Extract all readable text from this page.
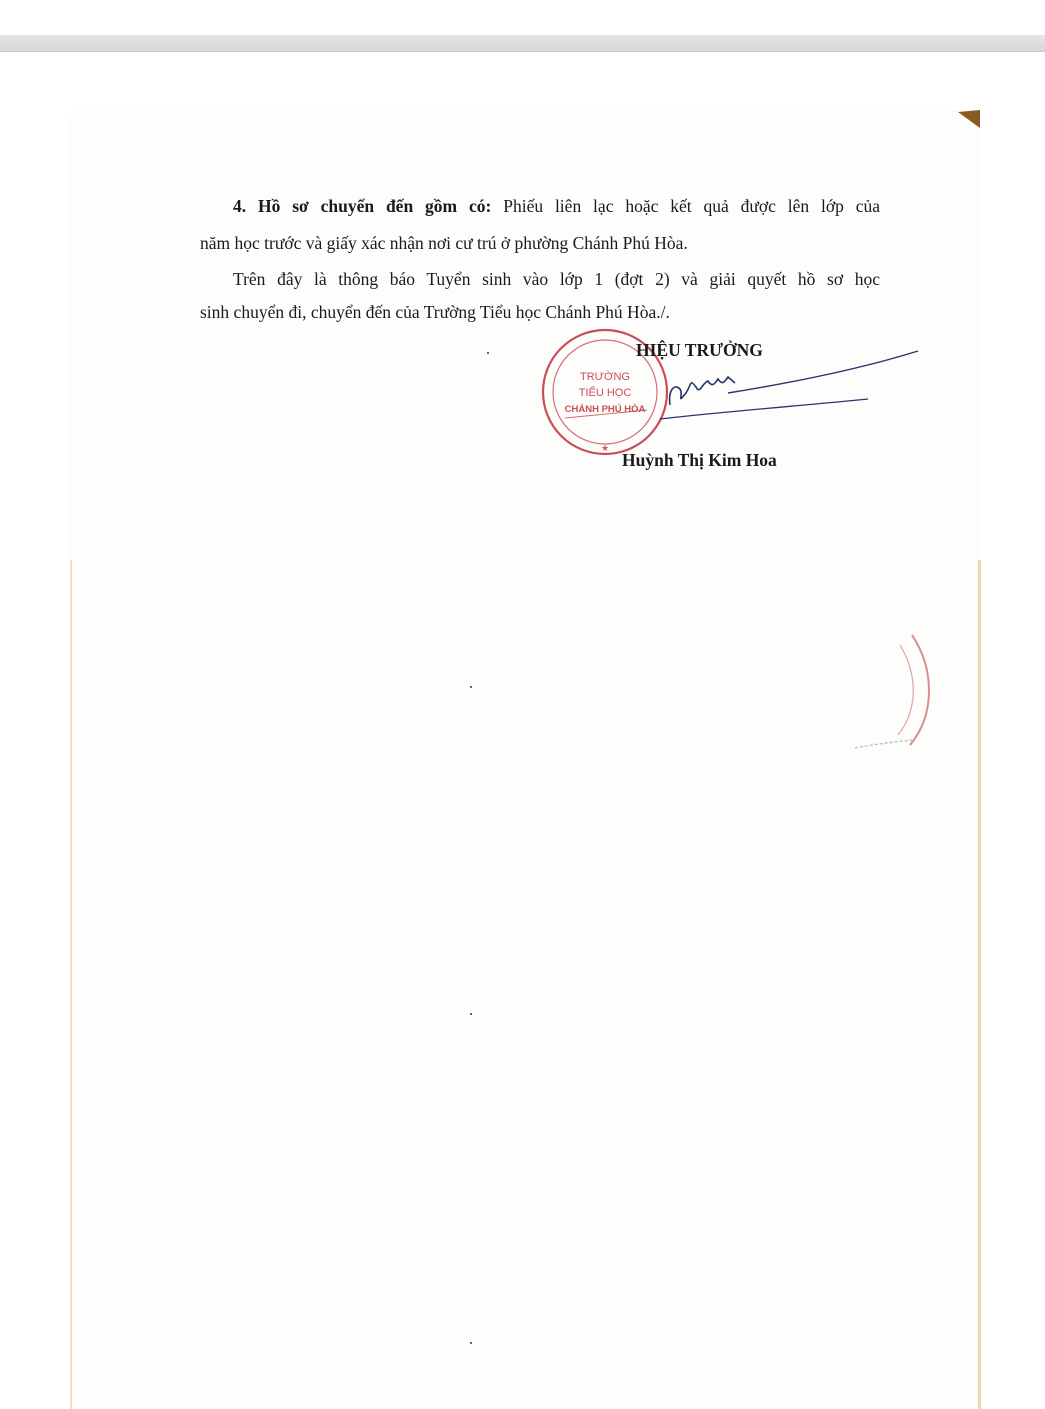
4. Hồ sơ chuyển đến gồm có: Phiếu liên lạc hoặc kết quả được lên lớp của
năm học trước và giấy xác nhận nơi cư trú ở phường Chánh Phú Hòa.
Trên đây là thông báo Tuyển sinh vào lớp 1 (đợt 2) và giải quyết hồ sơ học
sinh chuyển đi, chuyển đến của Trường Tiểu học Chánh Phú Hòa./.
TRƯỜNG
TIỂU HỌC
CHÁNH PHÚ HÒA
★
HIỆU TRƯỞNG
Huỳnh Thị Kim Hoa
